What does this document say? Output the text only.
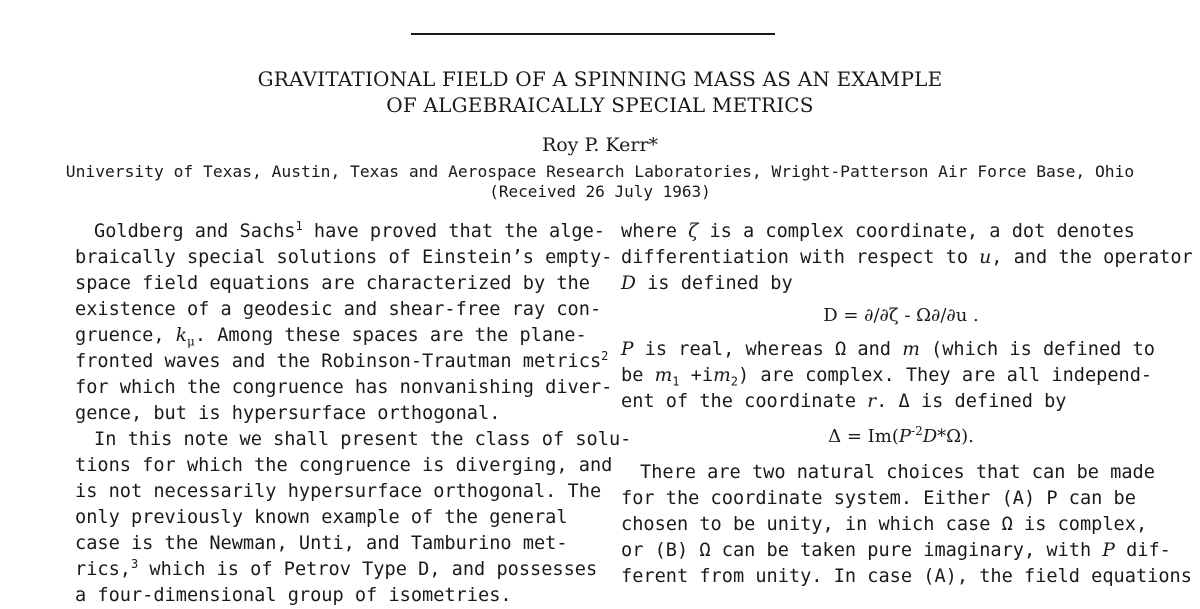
GRAVITATIONAL FIELD OF A SPINNING MASS AS AN EXAMPLE
OF ALGEBRAICALLY SPECIAL METRICS
Roy P. Kerr*
University of Texas, Austin, Texas and Aerospace Research Laboratories, Wright-Patterson Air Force Base, Ohio
(Received 26 July 1963)
Goldberg and Sachs$^1$ have proved that the alge-
braically special solutions of Einstein’s empty-
space field equations are characterized by the
existence of a geodesic and shear-free ray con-
gruence, $k_\mu$. Among these spaces are the plane-
fronted waves and the Robinson-Trautman metrics$^2$
for which the congruence has nonvanishing diver-
gence, but is hypersurface orthogonal.
In this note we shall present the class of solu-
tions for which the congruence is diverging, and
is not necessarily hypersurface orthogonal. The
only previously known example of the general
case is the Newman, Unti, and Tamburino met-
rics,$^3$ which is of Petrov Type D, and possesses
a four-dimensional group of isometries.
where ζ is a complex coordinate, a dot denotes
differentiation with respect to u, and the operator
D is defined by
D = ∂/∂ζ - Ω∂/∂u .
P is real, whereas Ω and m (which is defined to
be $m_1 +im_2$) are complex. They are all independ-
ent of the coordinate r. Δ is defined by
$\Delta = Im(P^{-2}D*\Omega)$.
There are two natural choices that can be made
for the coordinate system. Either (A) P can be
chosen to be unity, in which case Ω is complex,
or (B) Ω can be taken pure imaginary, with P dif-
ferent from unity. In case (A), the field equations
